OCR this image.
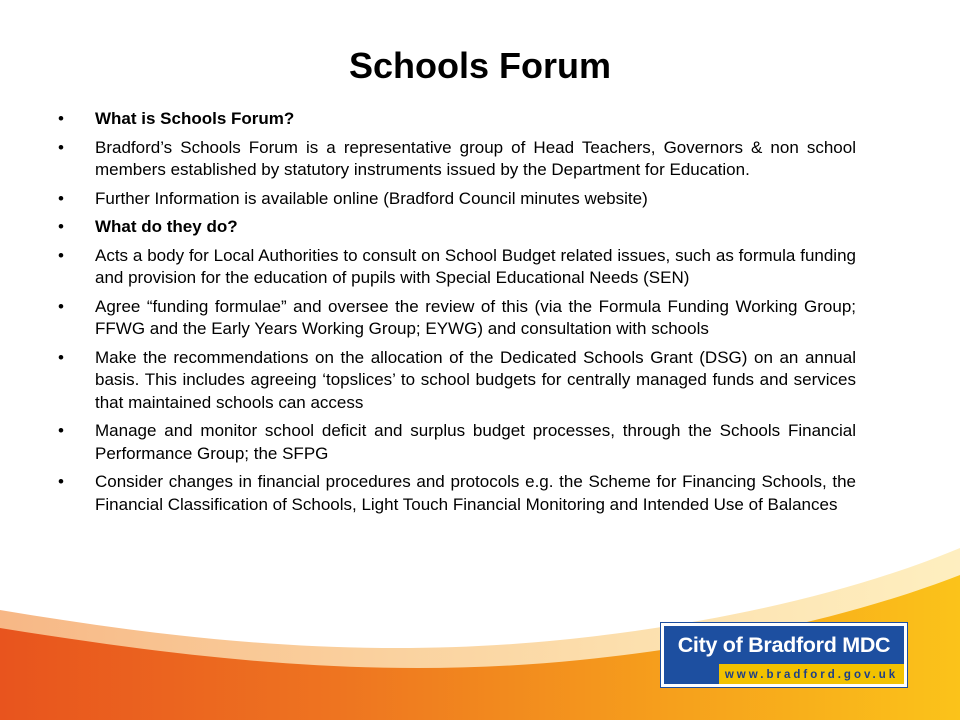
Schools Forum
• What is Schools Forum?
• Bradford’s Schools Forum is a representative group of Head Teachers, Governors & non school members established by statutory instruments issued by the Department for Education.
• Further Information is available online (Bradford Council minutes website)
• What do they do?
• Acts a body for Local Authorities to consult on School Budget related issues, such as formula funding and provision for the education of pupils with Special Educational Needs (SEN)
• Agree “funding formulae” and oversee the review of this (via the Formula Funding Working Group; FFWG and the Early Years Working Group; EYWG) and consultation with schools
• Make the recommendations on the allocation of the Dedicated Schools Grant (DSG) on an annual basis. This includes agreeing ‘topslices’ to school budgets for centrally managed funds and services that maintained schools can access
• Manage and monitor school deficit and surplus budget processes, through the Schools Financial Performance Group; the SFPG
• Consider changes in financial procedures and protocols e.g. the Scheme for Financing Schools, the Financial Classification of Schools, Light Touch Financial Monitoring and Intended Use of Balances
City of Bradford MDC
www.bradford.gov.uk
